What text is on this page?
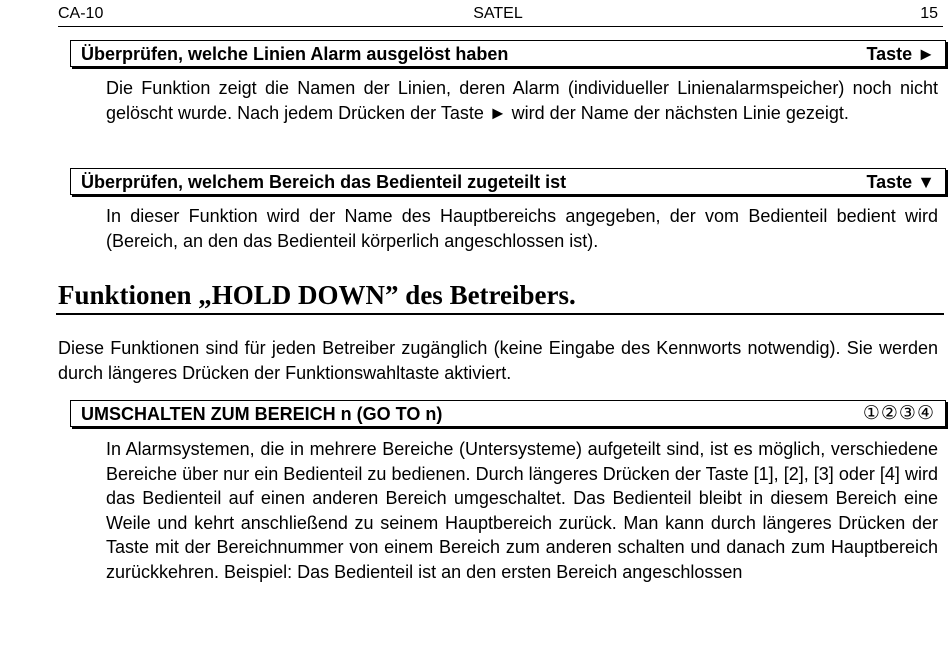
CA-10	SATEL	15
Überprüfen, welche Linien Alarm ausgelöst haben	Taste ►

Die Funktion zeigt die Namen der Linien, deren Alarm (individueller Linienalarmspeicher) noch nicht gelöscht wurde. Nach jedem Drücken der Taste ► wird der Name der nächsten Linie gezeigt.

Überprüfen, welchem Bereich das Bedienteil zugeteilt ist	Taste ▼

In dieser Funktion wird der Name des Hauptbereichs angegeben, der vom Bedienteil bedient wird (Bereich, an den das Bedienteil körperlich angeschlossen ist).

Funktionen „HOLD DOWN” des Betreibers.

Diese Funktionen sind für jeden Betreiber zugänglich (keine Eingabe des Kennworts notwendig). Sie werden durch längeres Drücken der Funktionswahltaste aktiviert.

UMSCHALTEN ZUM BEREICH n (GO TO n)	①②③④

In Alarmsystemen, die in mehrere Bereiche (Untersysteme) aufgeteilt sind, ist es möglich, verschiedene Bereiche über nur ein Bedienteil zu bedienen. Durch längeres Drücken der Taste [1], [2], [3] oder [4] wird das Bedienteil auf einen anderen Bereich umgeschaltet. Das Bedienteil bleibt in diesem Bereich eine Weile und kehrt anschließend zu seinem Hauptbereich zurück. Man kann durch längeres Drücken der Taste mit der Bereichnummer von einem Bereich zum anderen schalten und danach zum Hauptbereich zurückkehren. Beispiel: Das Bedienteil ist an den ersten Bereich angeschlossen
